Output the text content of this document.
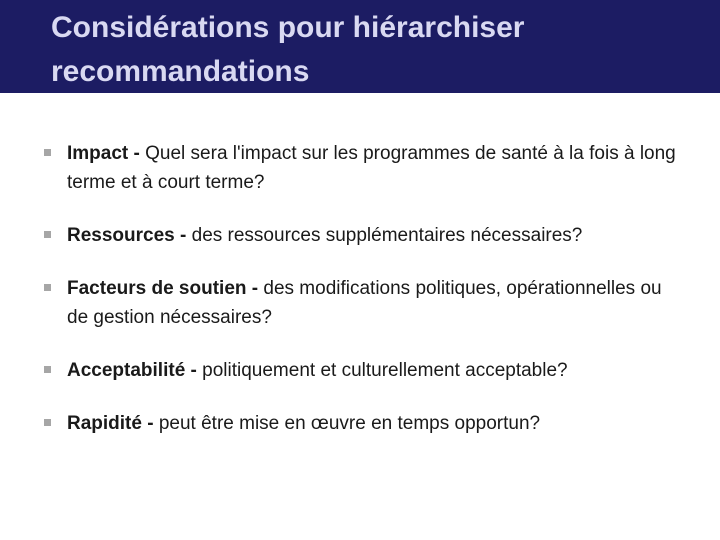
Considérations pour hiérarchiser recommandations
Impact - Quel sera l'impact sur les programmes de santé à la fois à long terme et à court terme?
Ressources - des ressources supplémentaires nécessaires?
Facteurs de soutien - des modifications politiques, opérationnelles ou de gestion nécessaires?
Acceptabilité - politiquement et culturellement acceptable?
Rapidité - peut être mise en œuvre en temps opportun?
